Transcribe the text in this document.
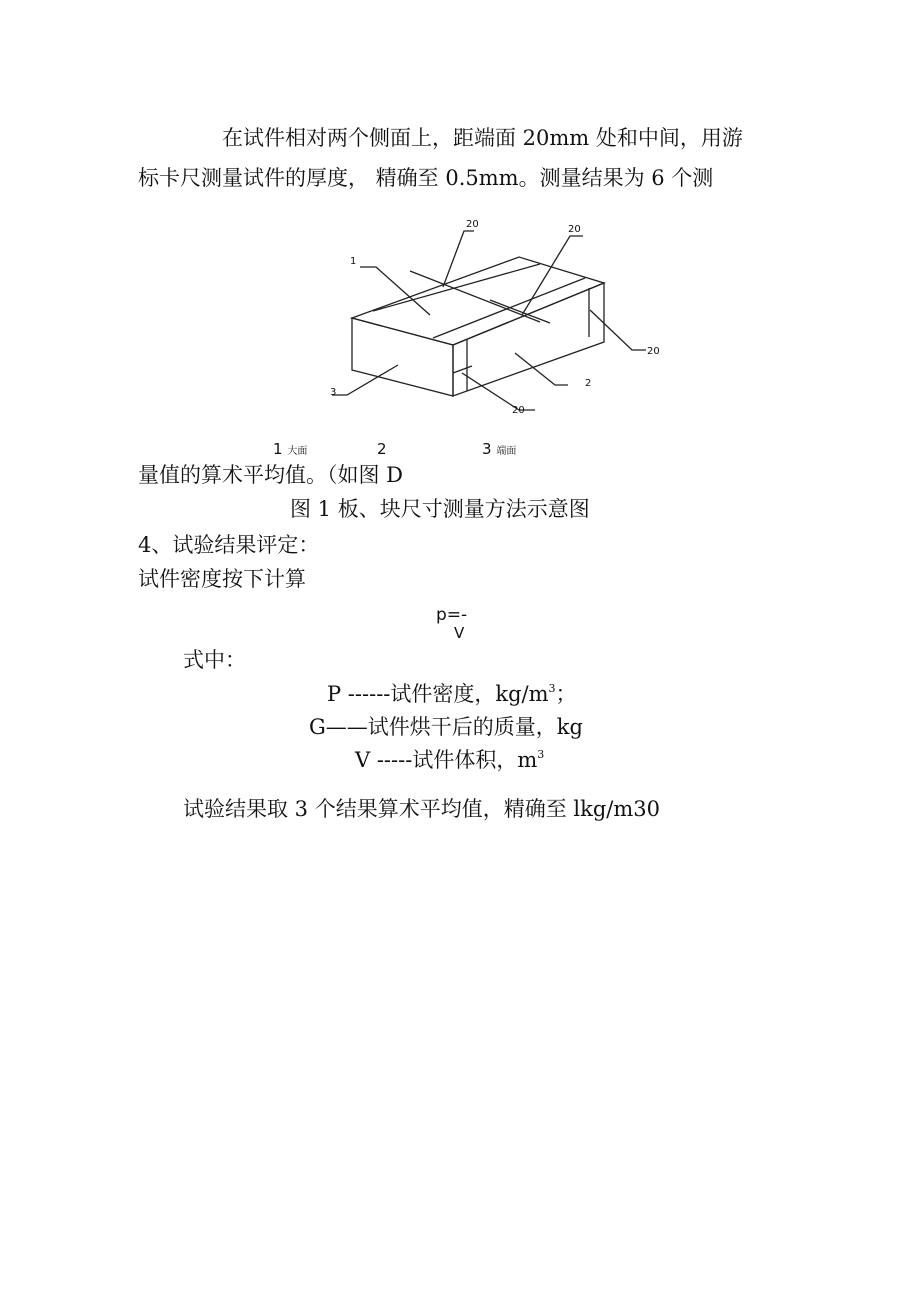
在试件相对两个侧面上，距端面 20mm 处和中间，用游
标卡尺测量试件的厚度， 精确至 0.5mm。测量结果为 6 个测
20	20
1
20
2
3
20
1 大面	2	3 端面
量值的算术平均值。（如图 D
图 1 板、块尺寸测量方法示意图
4、试验结果评定：
试件密度按下计算
p=-
V
式中：
P ------试件密度，$kg/m^3$；
G——试件烘干后的质量，kg
V -----试件体积，$m^3$
试验结果取 3 个结果算术平均值，精确至 lkg/m30
